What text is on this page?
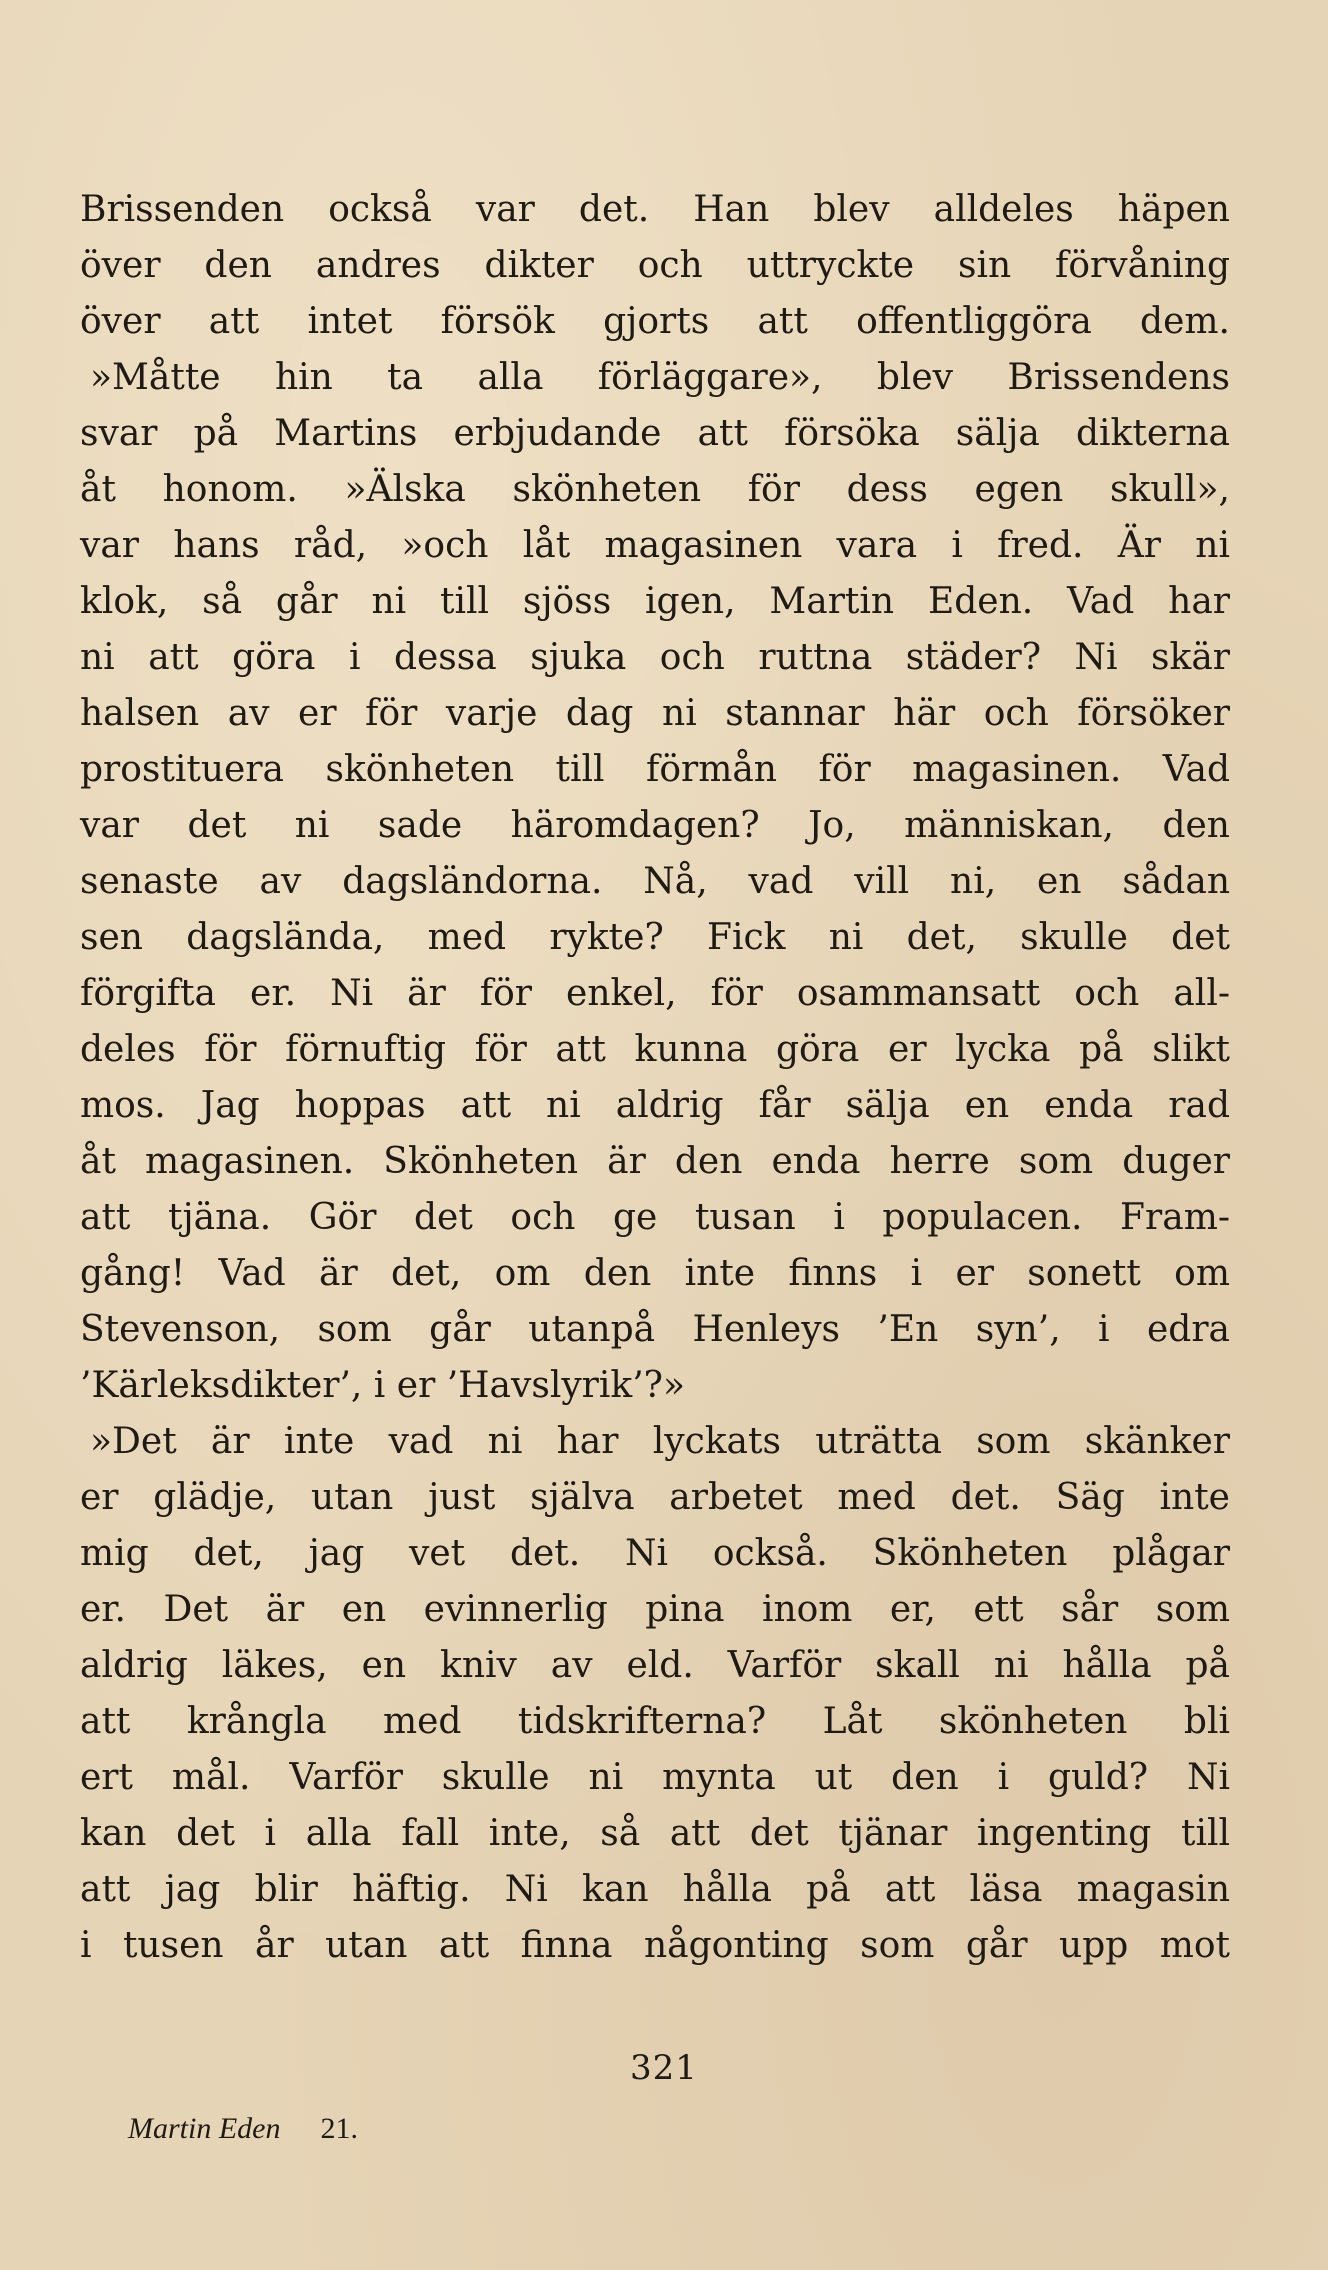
Brissenden också var det. Han blev alldeles häpen
över den andres dikter och uttryckte sin förvåning
över att intet försök gjorts att offentliggöra dem.
»Måtte hin ta alla förläggare», blev Brissendens
svar på Martins erbjudande att försöka sälja dikterna
åt honom. »Älska skönheten för dess egen skull»,
var hans råd, »och låt magasinen vara i fred. Är ni
klok, så går ni till sjöss igen, Martin Eden. Vad har
ni att göra i dessa sjuka och ruttna städer? Ni skär
halsen av er för varje dag ni stannar här och försöker
prostituera skönheten till förmån för magasinen. Vad
var det ni sade häromdagen? Jo, människan, den
senaste av dagsländorna. Nå, vad vill ni, en sådan
sen dagslända, med rykte? Fick ni det, skulle det
förgifta er. Ni är för enkel, för osammansatt och all-
deles för förnuftig för att kunna göra er lycka på slikt
mos. Jag hoppas att ni aldrig får sälja en enda rad
åt magasinen. Skönheten är den enda herre som duger
att tjäna. Gör det och ge tusan i populacen. Fram-
gång! Vad är det, om den inte finns i er sonett om
Stevenson, som går utanpå Henleys ’En syn’, i edra
’Kärleksdikter’, i er ’Havslyrik’?»
»Det är inte vad ni har lyckats uträtta som skänker
er glädje, utan just själva arbetet med det. Säg inte
mig det, jag vet det. Ni också. Skönheten plågar
er. Det är en evinnerlig pina inom er, ett sår som
aldrig läkes, en kniv av eld. Varför skall ni hålla på
att krångla med tidskrifterna? Låt skönheten bli
ert mål. Varför skulle ni mynta ut den i guld? Ni
kan det i alla fall inte, så att det tjänar ingenting till
att jag blir häftig. Ni kan hålla på att läsa magasin
i tusen år utan att finna någonting som går upp mot
321
Martin Eden 21.
